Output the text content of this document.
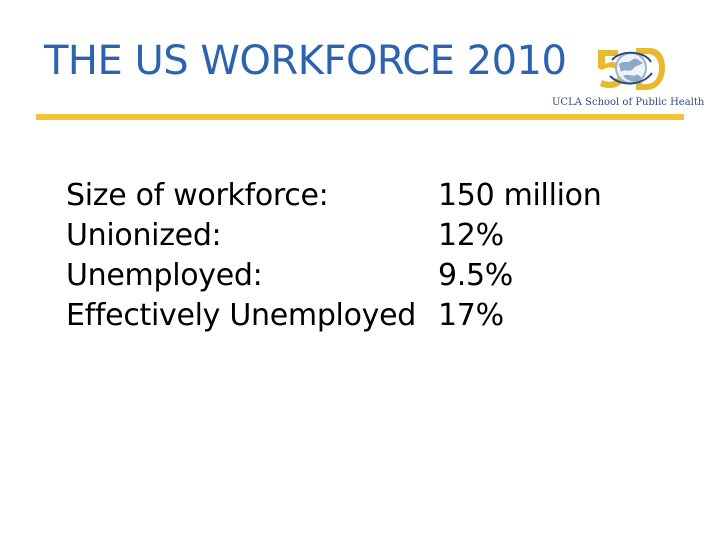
THE US WORKFORCE 2010
UCLA School of Public Health
Size of workforce:	150 million
Unionized:	12%
Unemployed:	9.5%
Effectively Unemployed 17%
